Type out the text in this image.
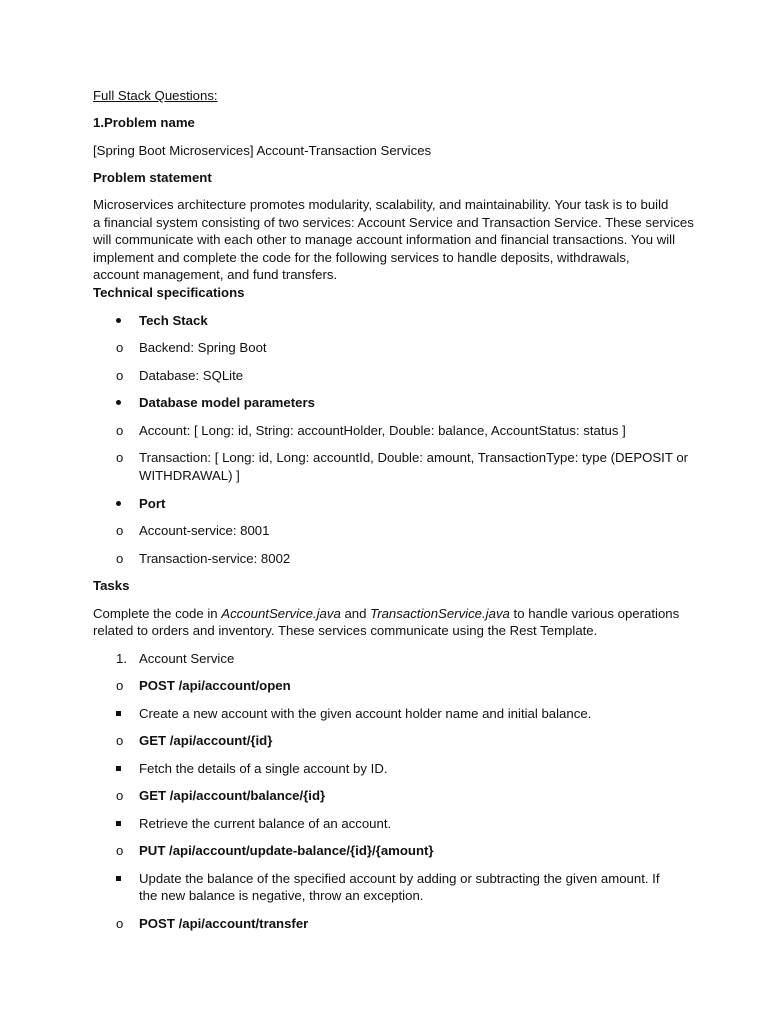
Full Stack Questions:
1.Problem name
[Spring Boot Microservices] Account-Transaction Services
Problem statement
Microservices architecture promotes modularity, scalability, and maintainability. Your task is to build
a financial system consisting of two services: Account Service and Transaction Service. These services
will communicate with each other to manage account information and financial transactions. You will
implement and complete the code for the following services to handle deposits, withdrawals,
account management, and fund transfers.
Technical specifications
Tech Stack
o Backend: Spring Boot
o Database: SQLite
Database model parameters
o Account: [ Long: id, String: accountHolder, Double: balance, AccountStatus: status ]
o Transaction: [ Long: id, Long: accountId, Double: amount, TransactionType: type (DEPOSIT or
WITHDRAWAL) ]
Port
o Account-service: 8001
o Transaction-service: 8002
Tasks
Complete the code in AccountService.java and TransactionService.java to handle various operations
related to orders and inventory. These services communicate using the Rest Template.
1. Account Service
o POST /api/account/open
Create a new account with the given account holder name and initial balance.
o GET /api/account/{id}
Fetch the details of a single account by ID.
o GET /api/account/balance/{id}
Retrieve the current balance of an account.
o PUT /api/account/update-balance/{id}/{amount}
Update the balance of the specified account by adding or subtracting the given amount. If
the new balance is negative, throw an exception.
o POST /api/account/transfer
